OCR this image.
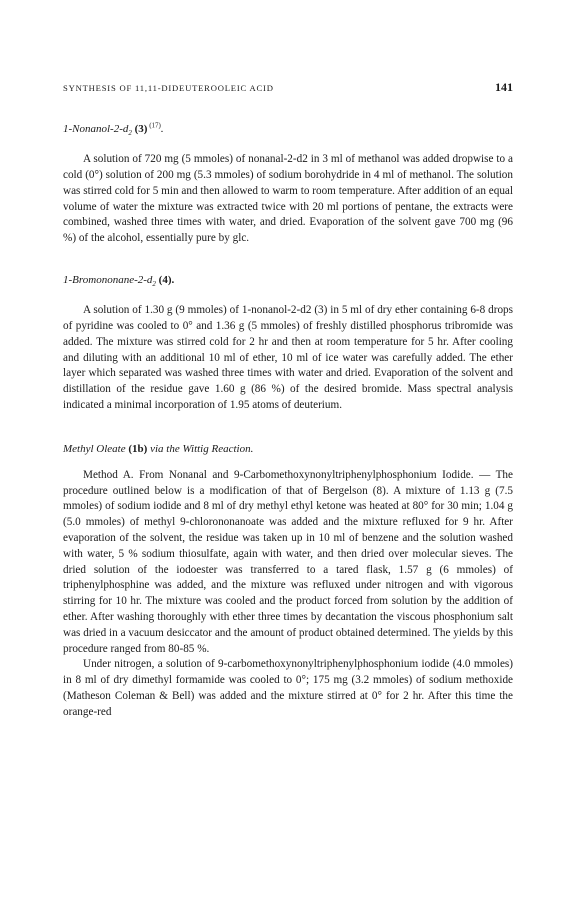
SYNTHESIS OF 11,11-DIDEUTEROOLEIC ACID	141
$1-Nonanol-2-d_2$ (3) $^{(17)}$.

A solution of 720 mg (5 mmoles) of nonanal-2-d2 in 3 ml of methanol was added dropwise to a cold (0°) solution of 200 mg (5.3 mmoles) of sodium borohydride in 4 ml of methanol. The solution was stirred cold for 5 min and then allowed to warm to room temperature. After addition of an equal volume of water the mixture was extracted twice with 20 ml portions of pentane, the extracts were combined, washed three times with water, and dried. Evaporation of the solvent gave 700 mg (96 %) of the alcohol, essentially pure by glc.

$1-Bromononane-2-d_2$ (4).

A solution of 1.30 g (9 mmoles) of 1-nonanol-2-d2 (3) in 5 ml of dry ether containing 6-8 drops of pyridine was cooled to 0° and 1.36 g (5 mmoles) of freshly distilled phosphorus tribromide was added. The mixture was stirred cold for 2 hr and then at room temperature for 5 hr. After cooling and diluting with an additional 10 ml of ether, 10 ml of ice water was carefully added. The ether layer which separated was washed three times with water and dried. Evaporation of the solvent and distillation of the residue gave 1.60 g (86 %) of the desired bromide. Mass spectral analysis indicated a minimal incorporation of 1.95 atoms of deuterium.

Methyl Oleate (1b) via the Wittig Reaction.

Method A. From Nonanal and 9-Carbomethoxynonyltriphenylphosphonium Iodide. — The procedure outlined below is a modification of that of Bergelson (8). A mixture of 1.13 g (7.5 mmoles) of sodium iodide and 8 ml of dry methyl ethyl ketone was heated at 80° for 30 min; 1.04 g (5.0 mmoles) of methyl 9-chlorononanoate was added and the mixture refluxed for 9 hr. After evaporation of the solvent, the residue was taken up in 10 ml of benzene and the solution washed with water, 5 % sodium thiosulfate, again with water, and then dried over molecular sieves. The dried solution of the iodoester was transferred to a tared flask, 1.57 g (6 mmoles) of triphenylphosphine was added, and the mixture was refluxed under nitrogen and with vigorous stirring for 10 hr. The mixture was cooled and the product forced from solution by the addition of ether. After washing thoroughly with ether three times by decantation the viscous phosphonium salt was dried in a vacuum desiccator and the amount of product obtained determined. The yields by this procedure ranged from 80-85 %.

Under nitrogen, a solution of 9-carbomethoxynonyltriphenylphosphonium iodide (4.0 mmoles) in 8 ml of dry dimethyl formamide was cooled to 0°; 175 mg (3.2 mmoles) of sodium methoxide (Matheson Coleman & Bell) was added and the mixture stirred at 0° for 2 hr. After this time the orange-red
